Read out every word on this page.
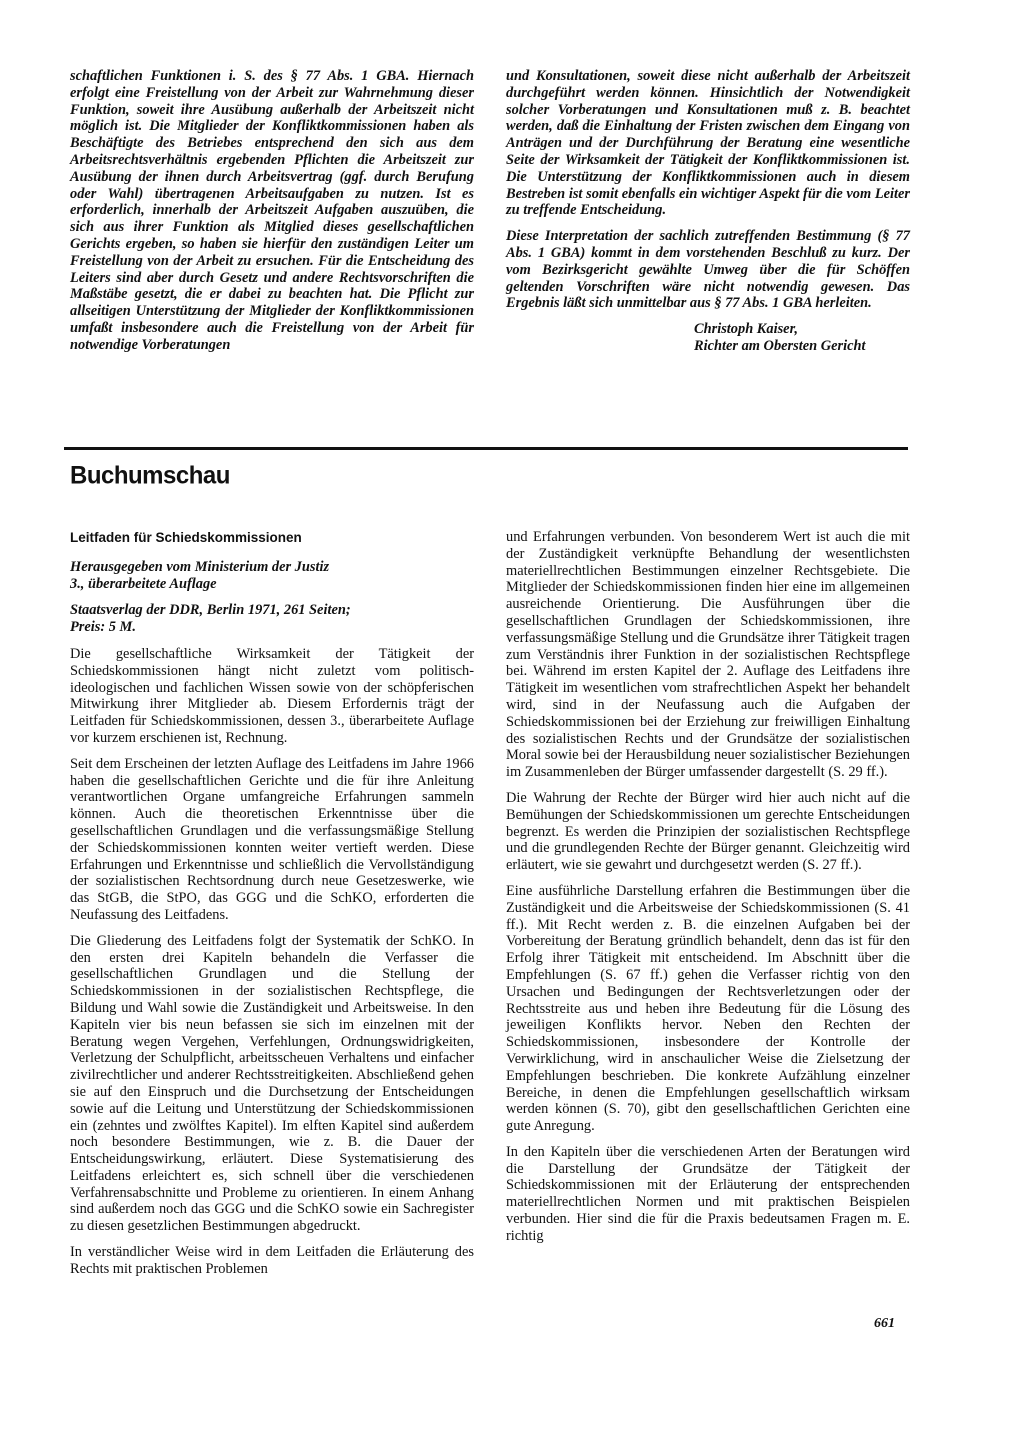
schaftlichen Funktionen i. S. des § 77 Abs. 1 GBA. Hiernach erfolgt eine Freistellung von der Arbeit zur Wahrnehmung dieser Funktion, soweit ihre Ausübung außerhalb der Arbeitszeit nicht möglich ist. Die Mitglieder der Konfliktkommissionen haben als Beschäftigte des Betriebes entsprechend den sich aus dem Arbeitsrechtsverhältnis ergebenden Pflichten die Arbeitszeit zur Ausübung der ihnen durch Arbeitsvertrag (ggf. durch Berufung oder Wahl) übertragenen Arbeitsaufgaben zu nutzen. Ist es erforderlich, innerhalb der Arbeitszeit Aufgaben auszuüben, die sich aus ihrer Funktion als Mitglied dieses gesellschaftlichen Gerichts ergeben, so haben sie hierfür den zuständigen Leiter um Freistellung von der Arbeit zu ersuchen. Für die Entscheidung des Leiters sind aber durch Gesetz und andere Rechtsvorschriften die Maßstäbe gesetzt, die er dabei zu beachten hat. Die Pflicht zur allseitigen Unterstützung der Mitglieder der Konfliktkommissionen umfaßt insbesondere auch die Freistellung von der Arbeit für notwendige Vorberatungen

und Konsultationen, soweit diese nicht außerhalb der Arbeitszeit durchgeführt werden können. Hinsichtlich der Notwendigkeit solcher Vorberatungen und Konsultationen muß z. B. beachtet werden, daß die Einhaltung der Fristen zwischen dem Eingang von Anträgen und der Durchführung der Beratung eine wesentliche Seite der Wirksamkeit der Tätigkeit der Konfliktkommissionen ist. Die Unterstützung der Konfliktkommissionen auch in diesem Bestreben ist somit ebenfalls ein wichtiger Aspekt für die vom Leiter zu treffende Entscheidung.

Diese Interpretation der sachlich zutreffenden Bestimmung (§ 77 Abs. 1 GBA) kommt in dem vorstehenden Beschluß zu kurz. Der vom Bezirksgericht gewählte Umweg über die für Schöffen geltenden Vorschriften wäre nicht notwendig gewesen. Das Ergebnis läßt sich unmittelbar aus § 77 Abs. 1 GBA herleiten.

Christoph Kaiser,
Richter am Obersten Gericht
Buchumschau

Leitfaden für Schiedskommissionen

Herausgegeben vom Ministerium der Justiz

3., überarbeitete Auflage

Staatsverlag der DDR, Berlin 1971, 261 Seiten;

Preis: 5 M.

Die gesellschaftliche Wirksamkeit der Tätigkeit der Schiedskommissionen hängt nicht zuletzt vom politisch-ideologischen und fachlichen Wissen sowie von der schöpferischen Mitwirkung ihrer Mitglieder ab. Diesem Erfordernis trägt der Leitfaden für Schiedskommissionen, dessen 3., überarbeitete Auflage vor kurzem erschienen ist, Rechnung.

Seit dem Erscheinen der letzten Auflage des Leitfadens im Jahre 1966 haben die gesellschaftlichen Gerichte und die für ihre Anleitung verantwortlichen Organe umfangreiche Erfahrungen sammeln können. Auch die theoretischen Erkenntnisse über die gesellschaftlichen Grundlagen und die verfassungsmäßige Stellung der Schiedskommissionen konnten weiter vertieft werden. Diese Erfahrungen und Erkenntnisse und schließlich die Vervollständigung der sozialistischen Rechtsordnung durch neue Gesetzeswerke, wie das StGB, die StPO, das GGG und die SchKO, erforderten die Neufassung des Leitfadens.

Die Gliederung des Leitfadens folgt der Systematik der SchKO. In den ersten drei Kapiteln behandeln die Verfasser die gesellschaftlichen Grundlagen und die Stellung der Schiedskommissionen in der sozialistischen Rechtspflege, die Bildung und Wahl sowie die Zuständigkeit und Arbeitsweise. In den Kapiteln vier bis neun befassen sie sich im einzelnen mit der Beratung wegen Vergehen, Verfehlungen, Ordnungswidrigkeiten, Verletzung der Schulpflicht, arbeitsscheuen Verhaltens und einfacher zivilrechtlicher und anderer Rechtsstreitigkeiten. Abschließend gehen sie auf den Einspruch und die Durchsetzung der Entscheidungen sowie auf die Leitung und Unterstützung der Schiedskommissionen ein (zehntes und zwölftes Kapitel). Im elften Kapitel sind außerdem noch besondere Bestimmungen, wie z. B. die Dauer der Entscheidungswirkung, erläutert. Diese Systematisierung des Leitfadens erleichtert es, sich schnell über die verschiedenen Verfahrensabschnitte und Probleme zu orientieren. In einem Anhang sind außerdem noch das GGG und die SchKO sowie ein Sachregister zu diesen gesetzlichen Bestimmungen abgedruckt.

In verständlicher Weise wird in dem Leitfaden die Erläuterung des Rechts mit praktischen Problemen

und Erfahrungen verbunden. Von besonderem Wert ist auch die mit der Zuständigkeit verknüpfte Behandlung der wesentlichsten materiellrechtlichen Bestimmungen einzelner Rechtsgebiete. Die Mitglieder der Schiedskommissionen finden hier eine im allgemeinen ausreichende Orientierung. Die Ausführungen über die gesellschaftlichen Grundlagen der Schiedskommissionen, ihre verfassungsmäßige Stellung und die Grundsätze ihrer Tätigkeit tragen zum Verständnis ihrer Funktion in der sozialistischen Rechtspflege bei. Während im ersten Kapitel der 2. Auflage des Leitfadens ihre Tätigkeit im wesentlichen vom strafrechtlichen Aspekt her behandelt wird, sind in der Neufassung auch die Aufgaben der Schiedskommissionen bei der Erziehung zur freiwilligen Einhaltung des sozialistischen Rechts und der Grundsätze der sozialistischen Moral sowie bei der Herausbildung neuer sozialistischer Beziehungen im Zusammenleben der Bürger umfassender dargestellt (S. 29 ff.).

Die Wahrung der Rechte der Bürger wird hier auch nicht auf die Bemühungen der Schiedskommissionen um gerechte Entscheidungen begrenzt. Es werden die Prinzipien der sozialistischen Rechtspflege und die grundlegenden Rechte der Bürger genannt. Gleichzeitig wird erläutert, wie sie gewahrt und durchgesetzt werden (S. 27 ff.).

Eine ausführliche Darstellung erfahren die Bestimmungen über die Zuständigkeit und die Arbeitsweise der Schiedskommissionen (S. 41 ff.). Mit Recht werden z. B. die einzelnen Aufgaben bei der Vorbereitung der Beratung gründlich behandelt, denn das ist für den Erfolg ihrer Tätigkeit mit entscheidend. Im Abschnitt über die Empfehlungen (S. 67 ff.) gehen die Verfasser richtig von den Ursachen und Bedingungen der Rechtsverletzungen oder der Rechtsstreite aus und heben ihre Bedeutung für die Lösung des jeweiligen Konflikts hervor. Neben den Rechten der Schiedskommissionen, insbesondere der Kontrolle der Verwirklichung, wird in anschaulicher Weise die Zielsetzung der Empfehlungen beschrieben. Die konkrete Aufzählung einzelner Bereiche, in denen die Empfehlungen gesellschaftlich wirksam werden können (S. 70), gibt den gesellschaftlichen Gerichten eine gute Anregung.

In den Kapiteln über die verschiedenen Arten der Beratungen wird die Darstellung der Grundsätze der Tätigkeit der Schiedskommissionen mit der Erläuterung der entsprechenden materiellrechtlichen Normen und mit praktischen Beispielen verbunden. Hier sind die für die Praxis bedeutsamen Fragen m. E. richtig

661
